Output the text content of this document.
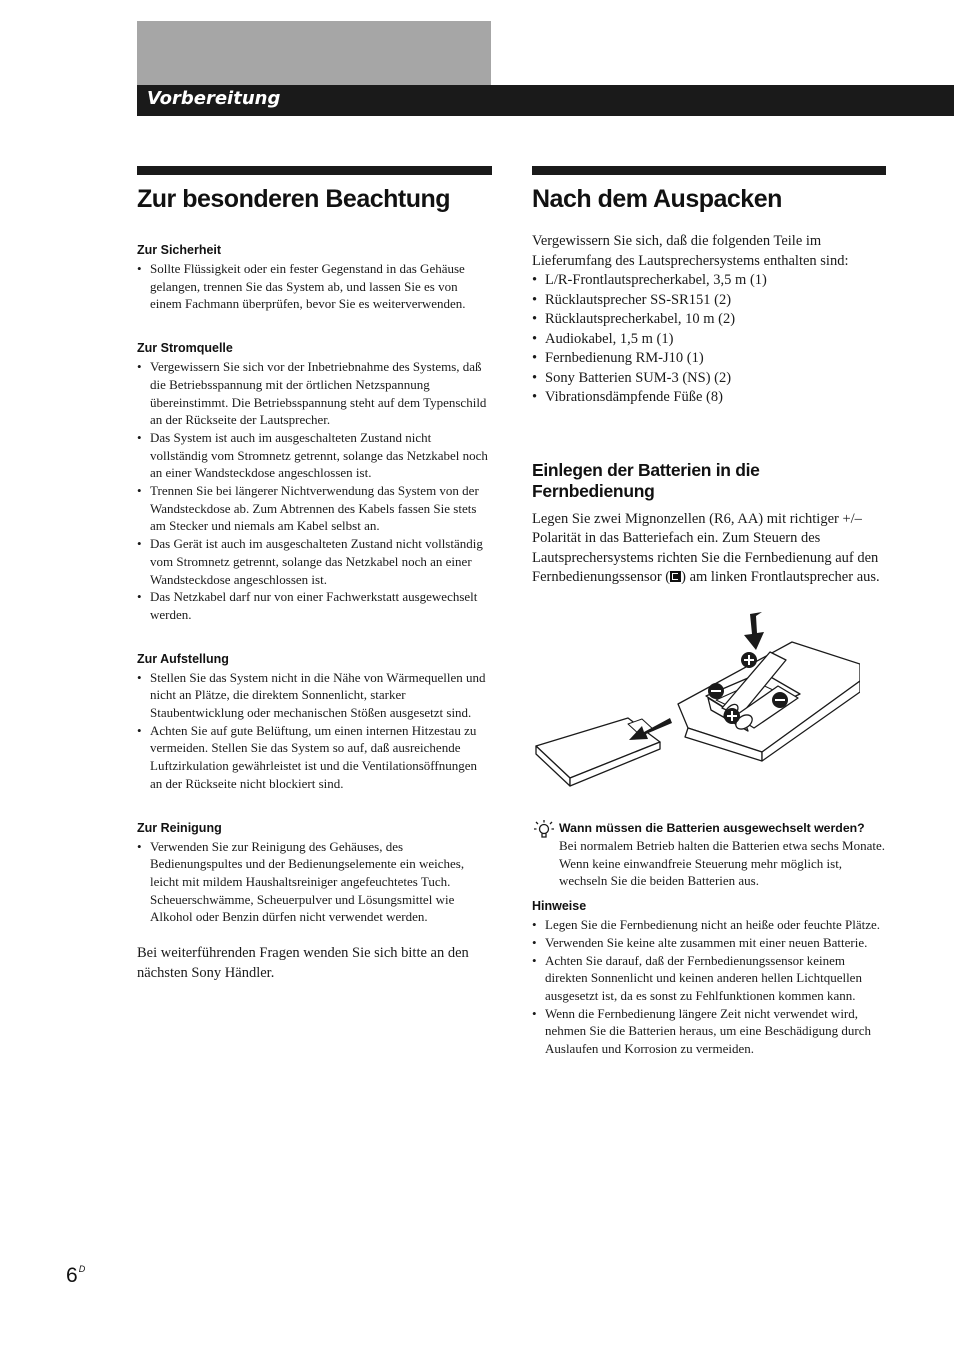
Vorbereitung
Zur besonderen Beachtung
Zur Sicherheit
• Sollte Flüssigkeit oder ein fester Gegenstand in das Gehäuse gelangen, trennen Sie das System ab, und lassen Sie es von einem Fachmann überprüfen, bevor Sie es weiterverwenden.
Zur Stromquelle
• Vergewissern Sie sich vor der Inbetriebnahme des Systems, daß die Betriebsspannung mit der örtlichen Netzspannung übereinstimmt. Die Betriebsspannung steht auf dem Typenschild an der Rückseite der Lautsprecher.
• Das System ist auch im ausgeschalteten Zustand nicht vollständig vom Stromnetz getrennt, solange das Netzkabel noch an einer Wandsteckdose angeschlossen ist.
• Trennen Sie bei längerer Nichtverwendung das System von der Wandsteckdose ab. Zum Abtrennen des Kabels fassen Sie stets am Stecker und niemals am Kabel selbst an.
• Das Gerät ist auch im ausgeschalteten Zustand nicht vollständig vom Stromnetz getrennt, solange das Netzkabel noch an einer Wandsteckdose angeschlossen ist.
• Das Netzkabel darf nur von einer Fachwerkstatt ausgewechselt werden.
Zur Aufstellung
• Stellen Sie das System nicht in die Nähe von Wärmequellen und nicht an Plätze, die direktem Sonnenlicht, starker Staubentwicklung oder mechanischen Stößen ausgesetzt sind.
• Achten Sie auf gute Belüftung, um einen internen Hitzestau zu vermeiden. Stellen Sie das System so auf, daß ausreichende Luftzirkulation gewährleistet ist und die Ventilationsöffnungen an der Rückseite nicht blockiert sind.
Zur Reinigung
• Verwenden Sie zur Reinigung des Gehäuses, des Bedienungspultes und der Bedienungselemente ein weiches, leicht mit mildem Haushaltsreiniger angefeuchtetes Tuch. Scheuerschwämme, Scheuerpulver und Lösungsmittel wie Alkohol oder Benzin dürfen nicht verwendet werden.

Bei weiterführenden Fragen wenden Sie sich bitte an den nächsten Sony Händler.

Nach dem Auspacken

Vergewissern Sie sich, daß die folgenden Teile im Lieferumfang des Lautsprechersystems enthalten sind:

• L/R-Frontlautsprecherkabel, 3,5 m (1)
• Rücklautsprecher SS-SR151 (2)
• Rücklautsprecherkabel, 10 m (2)
• Audiokabel, 1,5 m (1)
• Fernbedienung RM-J10 (1)
• Sony Batterien SUM-3 (NS) (2)
• Vibrationsdämpfende Füße (8)
Einlegen der Batterien in die Fernbedienung

Legen Sie zwei Mignonzellen (R6, AA) mit richtiger +/– Polarität in das Batteriefach ein. Zum Steuern des Lautsprechersystems richten Sie die Fernbedienung auf den Fernbedienungssensor ( ) am linken Frontlautsprecher aus.

Wann müssen die Batterien ausgewechselt werden?

Bei normalem Betrieb halten die Batterien etwa sechs Monate. Wenn keine einwandfreie Steuerung mehr möglich ist, wechseln Sie die beiden Batterien aus.

Hinweise
• Legen Sie die Fernbedienung nicht an heiße oder feuchte Plätze.
• Verwenden Sie keine alte zusammen mit einer neuen Batterie.
• Achten Sie darauf, daß der Fernbedienungssensor keinem direkten Sonnenlicht und keinen anderen hellen Lichtquellen ausgesetzt ist, da es sonst zu Fehlfunktionen kommen kann.
• Wenn die Fernbedienung längere Zeit nicht verwendet wird, nehmen Sie die Batterien heraus, um eine Beschädigung durch Auslaufen und Korrosion zu vermeiden.
$6^D$
